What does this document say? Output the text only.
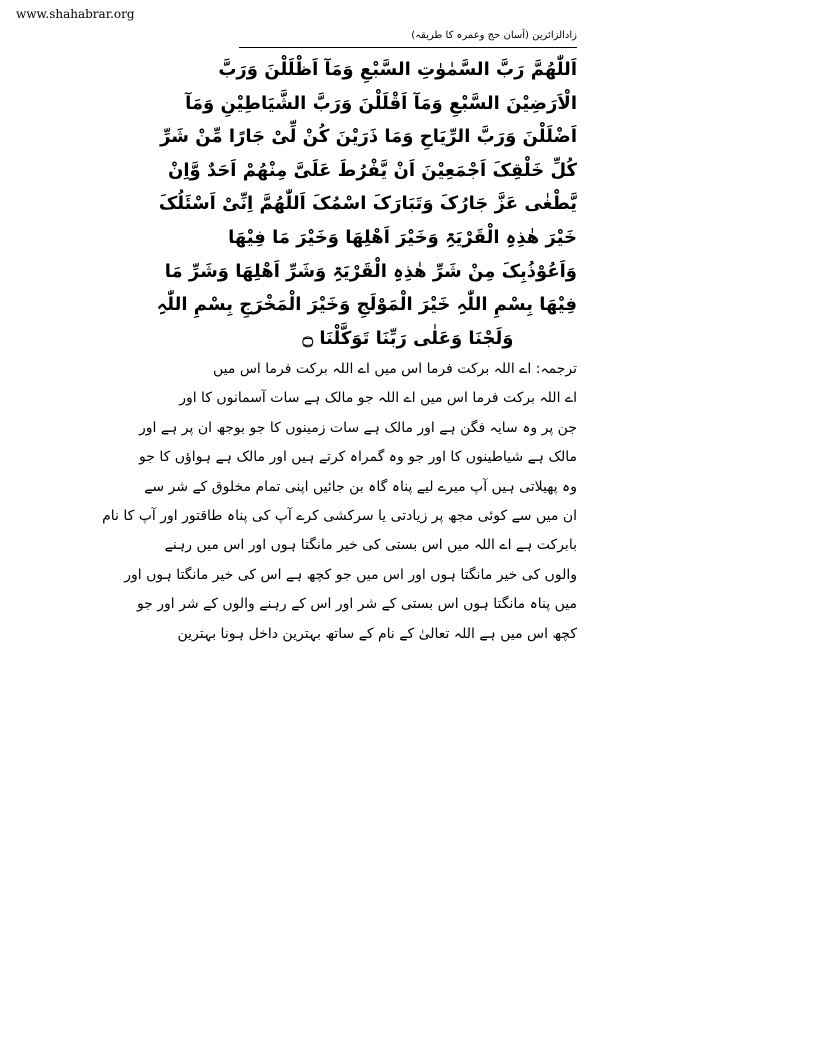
www.shahabrar.org
زادالزائرین (آسان حج وعمرہ کا طریقہ)
اَللّٰھُمَّ رَبَّ السَّمٰوٰتِ السَّبْعِ وَمَآ اَظْلَلْنَ وَرَبَّ
الْاَرَضِیْنَ السَّبْعِ وَمَآ اَقْلَلْنَ وَرَبَّ الشَّیَاطِیْنِ وَمَآ
اَضْلَلْنَ وَرَبَّ الرِّیَاحِ وَمَا ذَرَیْنَ کُنْ لِّیْ جَارًا مِّنْ شَرِّ
کُلِّ خَلْقِکَ اَجْمَعِیْنَ اَنْ یَّفْرُطَ عَلَیَّ مِنْھُمْ اَحَدٌ وَّاِنْ
یَّطْغٰی عَزَّ جَارُکَ وَتَبَارَکَ اسْمُکَ اَللّٰھُمَّ اِنِّیْ اَسْئَلُکَ
خَیْرَ ھٰذِہِ الْقَرْیَۃِ وَخَیْرَ اَھْلِھَا وَخَیْرَ مَا فِیْھَا
وَاَعُوْذُبِکَ مِنْ شَرِّ ھٰذِہِ الْقَرْیَۃِ وَشَرِّ اَھْلِھَا وَشَرِّ مَا
فِیْھَا بِسْمِ اللّٰہِ خَیْرَ الْمَوْلَجِ وَخَیْرَ الْمَخْرَجِ بِسْمِ اللّٰہِ
وَلَجْنَا وَعَلٰی رَبِّنَا تَوَکَّلْنَا ۝
ترجمہ: اے اللہ برکت فرما اس میں اے اللہ برکت فرما اس میں
اے اللہ برکت فرما اس میں اے اللہ جو مالک ہے سات آسمانوں کا اور
جن پر وہ سایہ فگن ہے اور مالک ہے سات زمینوں کا جو بوجھ ان پر ہے اور
مالک ہے شیاطینوں کا اور جو وہ گمراہ کرتے ہیں اور مالک ہے ہواؤں کا جو
وہ پھیلاتی ہیں آپ میرے لیے پناہ گاہ بن جائیں اپنی تمام مخلوق کے شر سے
ان میں سے کوئی مجھ پر زیادتی یا سرکشی کرے آپ کی پناہ طاقتور اور آپ کا نام
بابرکت ہے اے اللہ میں اس بستی کی خیر مانگتا ہوں اور اس میں رہنے
والوں کی خیر مانگتا ہوں اور اس میں جو کچھ ہے اس کی خیر مانگتا ہوں اور
میں پناہ مانگتا ہوں اس بستی کے شر اور اس کے رہنے والوں کے شر اور جو
کچھ اس میں ہے اللہ تعالیٰ کے نام کے ساتھ بہترین داخل ہونا بہترین
